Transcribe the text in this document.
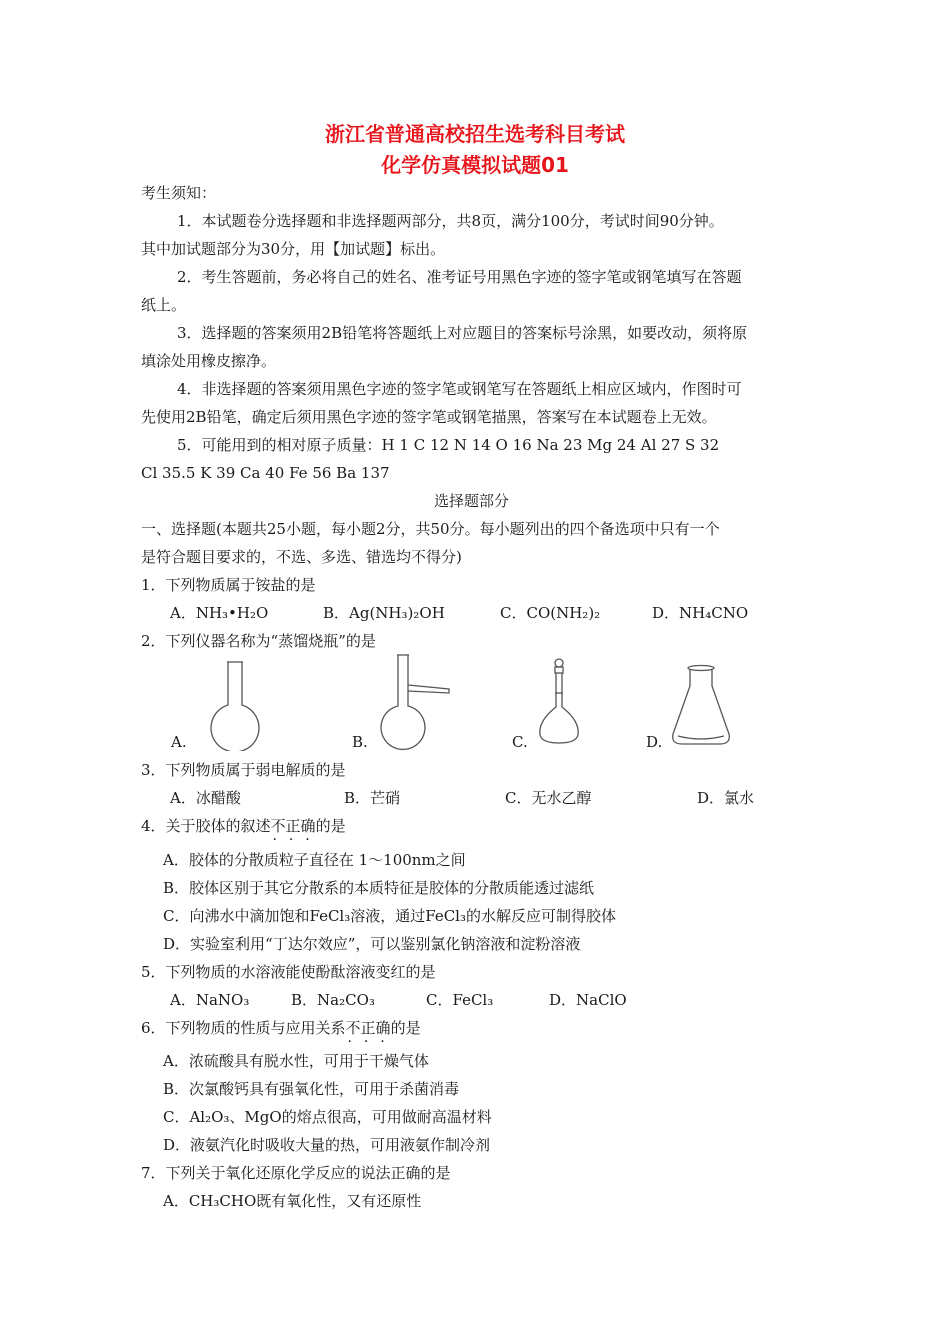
浙江省普通高校招生选考科目考试
化学仿真模拟试题01
考生须知：
1．本试题卷分选择题和非选择题两部分，共8页，满分100分，考试时间90分钟。
其中加试题部分为30分，用【加试题】标出。
2．考生答题前，务必将自己的姓名、准考证号用黑色字迹的签字笔或钢笔填写在答题
纸上。
3．选择题的答案须用2B铅笔将答题纸上对应题目的答案标号涂黑，如要改动，须将原
填涂处用橡皮擦净。
4．非选择题的答案须用黑色字迹的签字笔或钢笔写在答题纸上相应区域内，作图时可
先使用2B铅笔，确定后须用黑色字迹的签字笔或钢笔描黑，答案写在本试题卷上无效。
5．可能用到的相对原子质量：H 1 C 12 N 14 O 16 Na 23 Mg 24 Al 27 S 32
Cl 35.5 K 39 Ca 40 Fe 56 Ba 137
选择题部分
一、选择题(本题共25小题，每小题2分，共50分。每小题列出的四个备选项中只有一个
是符合题目要求的，不选、多选、错选均不得分)
1．下列物质属于铵盐的是
A．NH₃•H₂O	B．Ag(NH₃)₂OH	C．CO(NH₂)₂	D．NH₄CNO
2．下列仪器名称为“蒸馏烧瓶”的是
A.	B.	C.	D.
3．下列物质属于弱电解质的是
A．冰醋酸	B．芒硝	C．无水乙醇	D．氯水
4．关于胶体的叙述不正确 ·  ·  ·的是
A．胶体的分散质粒子直径在 1～100nm之间
B．胶体区别于其它分散系的本质特征是胶体的分散质能透过滤纸
C．向沸水中滴加饱和FeCl₃溶液，通过FeCl₃的水解反应可制得胶体
D．实验室利用“丁达尔效应”，可以鉴别氯化钠溶液和淀粉溶液
5．下列物质的水溶液能使酚酞溶液变红的是
A．NaNO₃	B．Na₂CO₃	C．FeCl₃	D．NaClO
6．下列物质的性质与应用关系不正确 ·  ·  ·的是
A．浓硫酸具有脱水性，可用于干燥气体
B．次氯酸钙具有强氧化性，可用于杀菌消毒
C．Al₂O₃、MgO的熔点很高，可用做耐高温材料
D．液氨汽化时吸收大量的热，可用液氨作制冷剂
7．下列关于氧化还原化学反应的说法正确的是
A．CH₃CHO既有氧化性，又有还原性
